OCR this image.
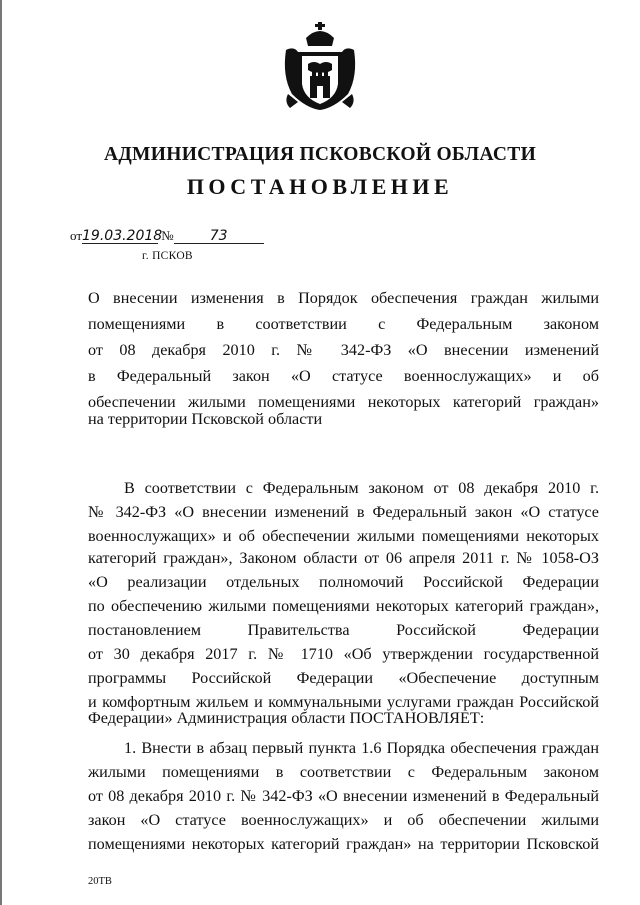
АДМИНИСТРАЦИЯ ПСКОВСКОЙ ОБЛАСТИ
ПОСТАНОВЛЕНИЕ
от19.03.2018 №	73
г. ПСКОВ
О внесении изменения в Порядок обеспечения граждан жилыми
помещениями в соответствии с Федеральным законом
от 08 декабря 2010 г. № 342-ФЗ «О внесении изменений
в Федеральный закон «О статусе военнослужащих» и об
обеспечении жилыми помещениями некоторых категорий граждан»
на территории Псковской области
В соответствии с Федеральным законом от 08 декабря 2010 г.
№ 342-ФЗ «О внесении изменений в Федеральный закон «О статусе
военнослужащих» и об обеспечении жилыми помещениями некоторых
категорий граждан», Законом области от 06 апреля 2011 г. № 1058-ОЗ
«О реализации отдельных полномочий Российской Федерации
по обеспечению жилыми помещениями некоторых категорий граждан»,
постановлением Правительства Российской Федерации
от 30 декабря 2017 г. № 1710 «Об утверждении государственной
программы Российской Федерации «Обеспечение доступным
и комфортным жильем и коммунальными услугами граждан Российской
Федерации» Администрация области ПОСТАНОВЛЯЕТ:
1. Внести в абзац первый пункта 1.6 Порядка обеспечения граждан
жилыми помещениями в соответствии с Федеральным законом
от 08 декабря 2010 г. № 342-ФЗ «О внесении изменений в Федеральный
закон «О статусе военнослужащих» и об обеспечении жилыми
помещениями некоторых категорий граждан» на территории Псковской
20ТВ
